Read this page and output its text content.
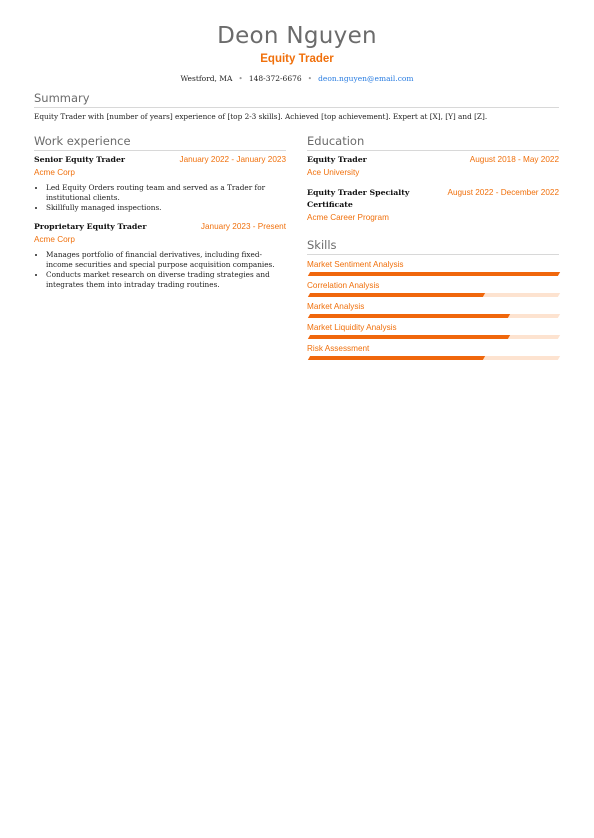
Deon Nguyen
Equity Trader
Westford, MA • 148-372-6676 • deon.nguyen@email.com
Summary
Equity Trader with [number of years] experience of [top 2-3 skills]. Achieved [top achievement]. Expert at [X], [Y] and [Z].
Work experience
Senior Equity Trader	January 2022 - January 2023
Acme Corp
• Led Equity Orders routing team and served as a Trader for institutional clients.
• Skillfully managed inspections.
Proprietary Equity Trader	January 2023 - Present
Acme Corp
• Manages portfolio of financial derivatives, including fixed-income securities and special purpose acquisition companies.
• Conducts market research on diverse trading strategies and integrates them into intraday trading routines.
Education
Equity Trader	August 2018 - May 2022
Ace University
Equity Trader Specialty Certificate
August 2022 - December 2022
Acme Career Program
Skills
Market Sentiment Analysis
Correlation Analysis
Market Analysis
Market Liquidity Analysis
Risk Assessment
